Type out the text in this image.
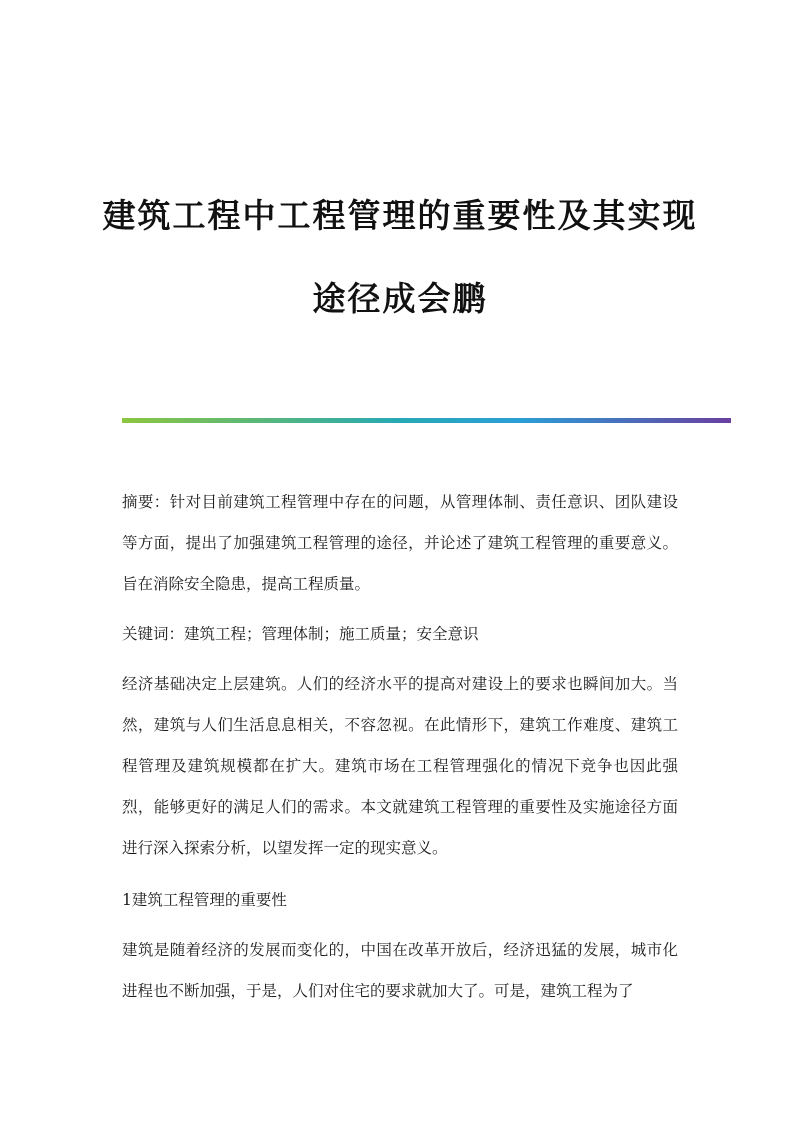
建筑工程中工程管理的重要性及其实现
途径成会鹏
摘要：针对目前建筑工程管理中存在的问题，从管理体制、责任意识、团队建设等方面，提出了加强建筑工程管理的途径，并论述了建筑工程管理的重要意义。旨在消除安全隐患，提高工程质量。
关键词：建筑工程；管理体制；施工质量；安全意识
经济基础决定上层建筑。人们的经济水平的提高对建设上的要求也瞬间加大。当然，建筑与人们生活息息相关，不容忽视。在此情形下，建筑工作难度、建筑工程管理及建筑规模都在扩大。建筑市场在工程管理强化的情况下竞争也因此强烈，能够更好的满足人们的需求。本文就建筑工程管理的重要性及实施途径方面进行深入探索分析，以望发挥一定的现实意义。
1建筑工程管理的重要性
建筑是随着经济的发展而变化的，中国在改革开放后，经济迅猛的发展，城市化进程也不断加强，于是，人们对住宅的要求就加大了。可是，建筑工程为了
